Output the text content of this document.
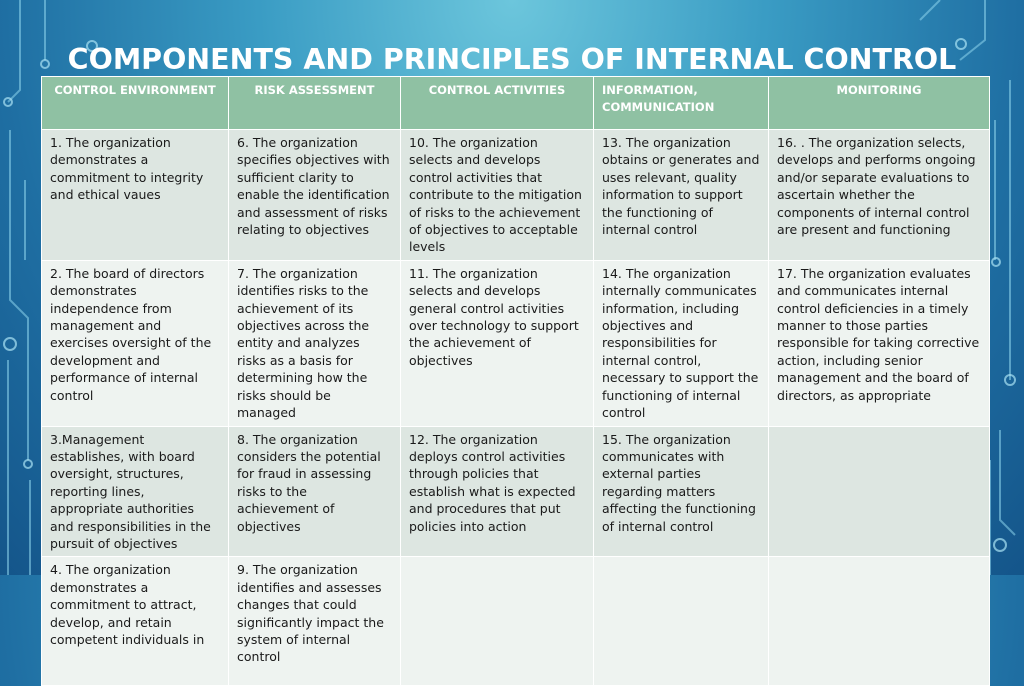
COMPONENTS AND PRINCIPLES OF INTERNAL CONTROL
CONTROL ENVIRONMENT	RISK ASSESSMENT	CONTROL ACTIVITIES	INFORMATION, COMMUNICATION	MONITORING
1. The organization demonstrates a commitment to integrity and ethical vaues	6. The organization specifies objectives with sufficient clarity to enable the identification and assessment of risks relating to objectives	10. The organization selects and develops control activities that contribute to the mitigation of risks to the achievement of objectives to acceptable levels	13. The organization obtains or generates and uses relevant, quality information to support the functioning of internal control	16. . The organization selects, develops and performs ongoing and/or separate evaluations to ascertain whether the components of internal control are present and functioning
2. The board of directors demonstrates independence from management and exercises oversight of the development and performance of internal control	7. The organization identifies risks to the achievement of its objectives across the entity and analyzes risks as a basis for determining how the risks should be managed	11. The organization selects and develops general control activities over technology to support the achievement of objectives	14. The organization internally communicates information, including objectives and responsibilities for internal control, necessary to support the functioning of internal control	17. The organization evaluates and communicates internal control deficiencies in a timely manner to those parties responsible for taking corrective action, including senior management and the board of directors, as appropriate
3.Management establishes, with board oversight, structures, reporting lines, appropriate authorities and responsibilities in the pursuit of objectives	8. The organization considers the potential for fraud in assessing risks to the achievement of objectives	12. The organization deploys control activities through policies that establish what is expected and procedures that put policies into action	15. The organization communicates with external parties regarding matters affecting the functioning of internal control	
4. The organization demonstrates a commitment to attract, develop, and retain competent individuals in	9. The organization identifies and assesses changes that could significantly impact the system of internal control			
